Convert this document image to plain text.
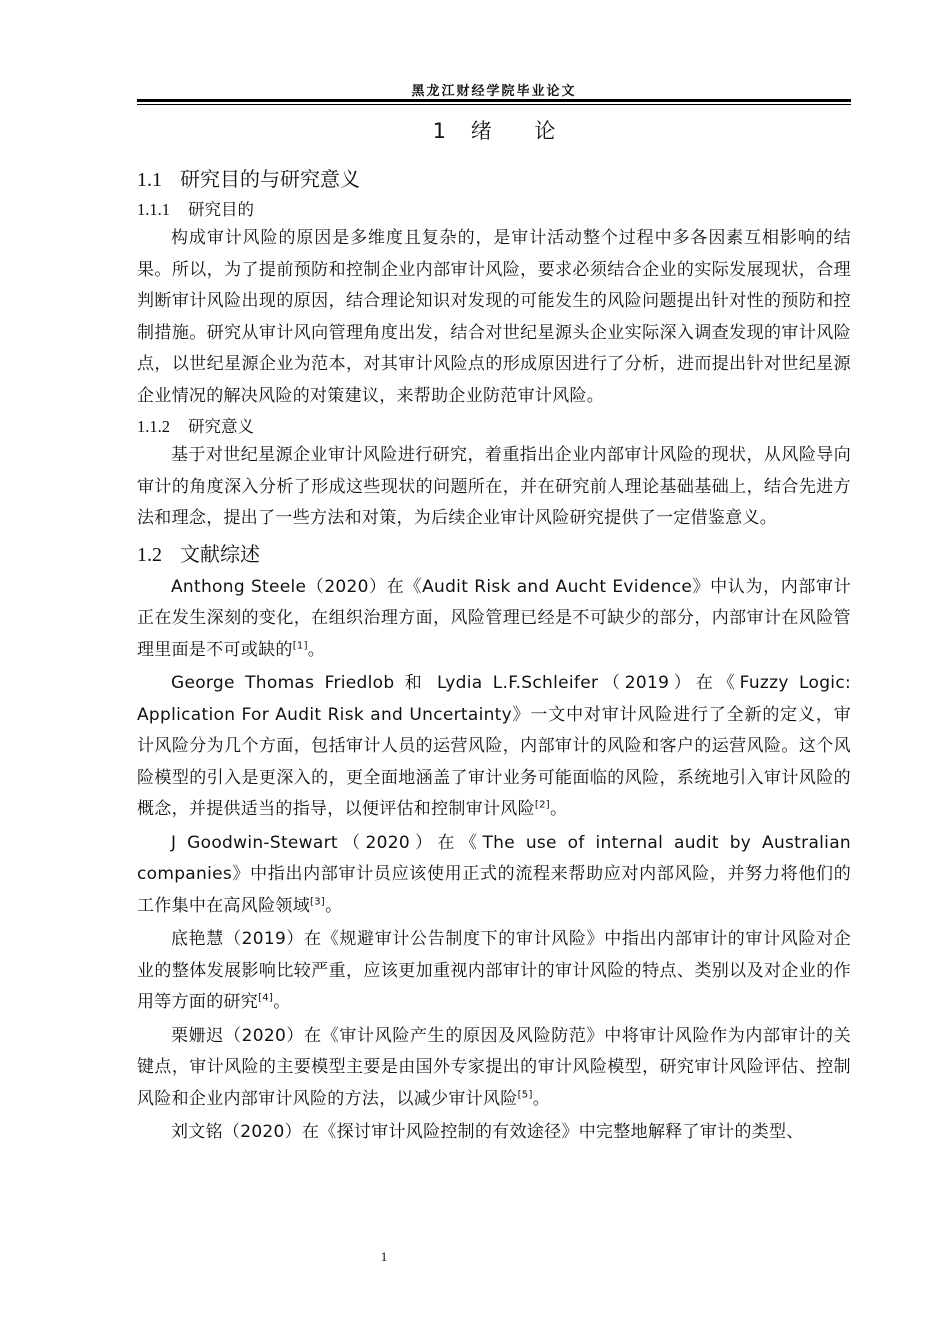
黑龙江财经学院毕业论文
1 绪 论
1.1 研究目的与研究意义
1.1.1 研究目的

构成审计风险的原因是多维度且复杂的，是审计活动整个过程中多各因素互相影响的结果。所以，为了提前预防和控制企业内部审计风险，要求必须结合企业的实际发展现状，合理判断审计风险出现的原因，结合理论知识对发现的可能发生的风险问题提出针对性的预防和控制措施。研究从审计风向管理角度出发，结合对世纪星源头企业实际深入调查发现的审计风险点，以世纪星源企业为范本，对其审计风险点的形成原因进行了分析，进而提出针对世纪星源企业情况的解决风险的对策建议，来帮助企业防范审计风险。

1.1.2 研究意义

基于对世纪星源企业审计风险进行研究，着重指出企业内部审计风险的现状，从风险导向审计的角度深入分析了形成这些现状的问题所在，并在研究前人理论基础基础上，结合先进方法和理念，提出了一些方法和对策，为后续企业审计风险研究提供了一定借鉴意义。

1.2 文献综述

Anthong Steele（2020）在《Audit Risk and Aucht Evidence》中认为，内部审计正在发生深刻的变化，在组织治理方面，风险管理已经是不可缺少的部分，内部审计在风险管理里面是不可或缺的[1]。

George Thomas Friedlob 和 Lydia L.F.Schleifer（2019）在《Fuzzy Logic: Application For Audit Risk and Uncertainty》一文中对审计风险进行了全新的定义，审计风险分为几个方面，包括审计人员的运营风险，内部审计的风险和客户的运营风险。这个风险模型的引入是更深入的，更全面地涵盖了审计业务可能面临的风险，系统地引入审计风险的概念，并提供适当的指导，以便评估和控制审计风险[2]。

J Goodwin-Stewart（2020）在《The use of internal audit by Australian companies》中指出内部审计员应该使用正式的流程来帮助应对内部风险，并努力将他们的工作集中在高风险领域[3]。

底艳慧（2019）在《规避审计公告制度下的审计风险》中指出内部审计的审计风险对企业的整体发展影响比较严重，应该更加重视内部审计的审计风险的特点、类别以及对企业的作用等方面的研究[4]。

栗姗迟（2020）在《审计风险产生的原因及风险防范》中将审计风险作为内部审计的关键点，审计风险的主要模型主要是由国外专家提出的审计风险模型，研究审计风险评估、控制风险和企业内部审计风险的方法，以减少审计风险[5]。

刘文铭（2020）在《探讨审计风险控制的有效途径》中完整地解释了审计的类型、

1
